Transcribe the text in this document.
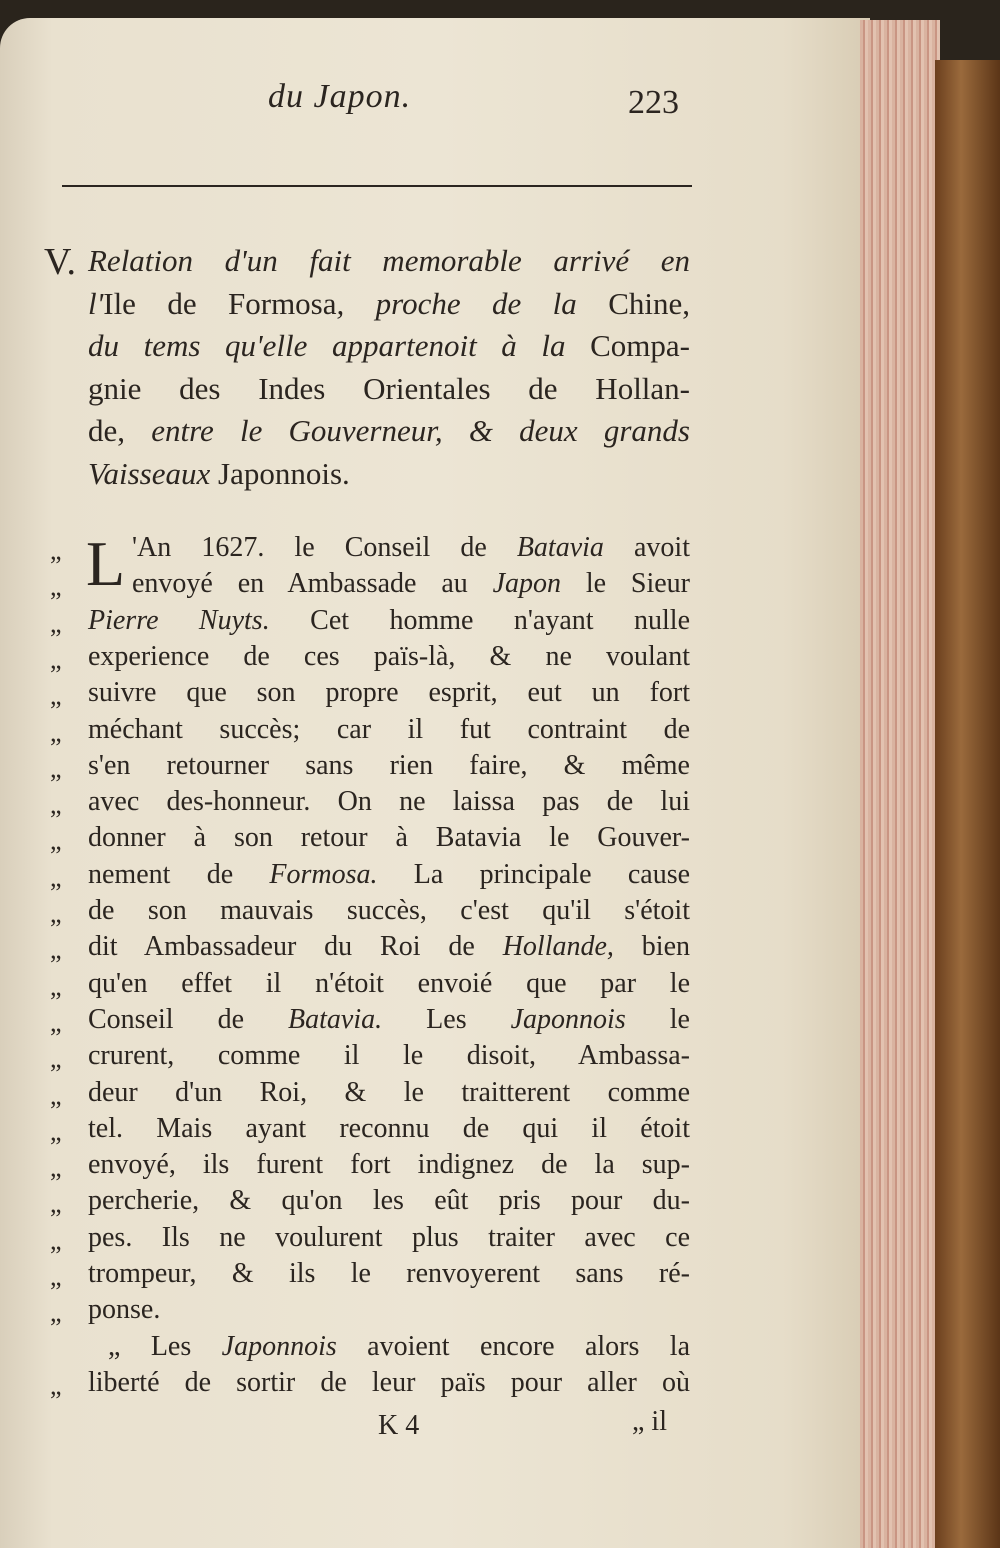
du Japon.	223
V. Relation d'un fait memorable arrivé en
l'Ile de Formosa, proche de la Chine,
du tems qu'elle appartenoit à la Compa-
gnie des Indes Orientales de Hollan-
de, entre le Gouverneur, & deux grands
Vaisseaux Japonnois.
L 'An 1627. le Conseil de Batavia avoit
„
envoyé en Ambassade au Japon le Sieur
„
Pierre Nuyts. Cet homme n'ayant nulle
„
experience de ces païs-là, & ne voulant
„
suivre que son propre esprit, eut un fort
„
méchant succès; car il fut contraint de
„
s'en retourner sans rien faire, & même
„
avec des-honneur. On ne laissa pas de lui
„
donner à son retour à Batavia le Gouver-
„
nement de Formosa. La principale cause
„
de son mauvais succès, c'est qu'il s'étoit
„
dit Ambassadeur du Roi de Hollande, bien
„
qu'en effet il n'étoit envoié que par le
„
Conseil de Batavia. Les Japonnois le
„
crurent, comme il le disoit, Ambassa-
„
deur d'un Roi, & le traitterent comme
„
tel. Mais ayant reconnu de qui il étoit
„
envoyé, ils furent fort indignez de la sup-
„
percherie, & qu'on les eût pris pour du-
„
pes. Ils ne voulurent plus traiter avec ce
„
trompeur, & ils le renvoyerent sans ré-
„
ponse.
„
„ Les Japonnois avoient encore alors la
liberté de sortir de leur païs pour aller où
„
K 4	„ il
